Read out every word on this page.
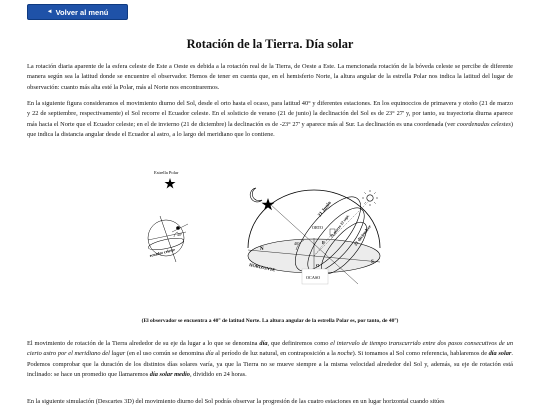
◄ Volver al menú
Rotación de la Tierra. Día solar

La rotación diaria aparente de la esfera celeste de Este a Oeste es debida a la rotación real de la Tierra, de Oeste a Este. La mencionada rotación de la bóveda celeste se percibe de diferente manera según sea la latitud donde se encuentre el observador. Hemos de tener en cuenta que, en el hemisferio Norte, la altura angular de la estrella Polar nos indica la latitud del lugar de observación: cuanto más alta esté la Polar, más al Norte nos encontraremos.

En la siguiente figura consideramos el movimiento diurno del Sol, desde el orto hasta el ocaso, para latitud 40° y diferentes estaciones. En los equinoccios de primavera y otoño (21 de marzo y 22 de septiembre, respectivamente) el Sol recorre el Ecuador celeste. En el solsticio de verano (21 de junio) la declinación del Sol es de 23° 27' y, por tanto, su trayectoria diurna aparece más hacia el Norte que el Ecuador celeste; en el de invierno (21 de diciembre) la declinación es de -23° 27' y aparece más al Sur. La declinación es una coordenada (ver coordenadas celestes) que indica la distancia angular desde el Ecuador al astro, a lo largo del meridiano que lo contiene.

Estrella Polar
40°
ecuador celeste
40°
21 Junio
21 marzo 22 sept. 21 diciembre
ORTO
HORIZONTE
N
S
E
O
OCASO

(El observador se encuentra a 40° de latitud Norte. La altura angular de la estrella Polar es, por tanto, de 40°)

El movimiento de rotación de la Tierra alrededor de su eje da lugar a lo que se denomina día, que definiremos como el intervalo de tiempo transcurrido entre dos pasos consecutivos de un cierto astro por el meridiano del lugar (en el uso común se denomina día al período de luz natural, en contraposición a la noche). Si tomamos al Sol como referencia, hablaremos de día solar. Podemos comprobar que la duración de los distintos días solares varía, ya que la Tierra no se mueve siempre a la misma velocidad alrededor del Sol y, además, su eje de rotación está inclinado: se hace un promedio que llamaremos día solar medio, dividido en 24 horas.

En la siguiente simulación (Descartes 3D) del movimiento diurno del Sol podrás observar la progresión de las cuatro estaciones en un lugar horizontal cuando sitúes
